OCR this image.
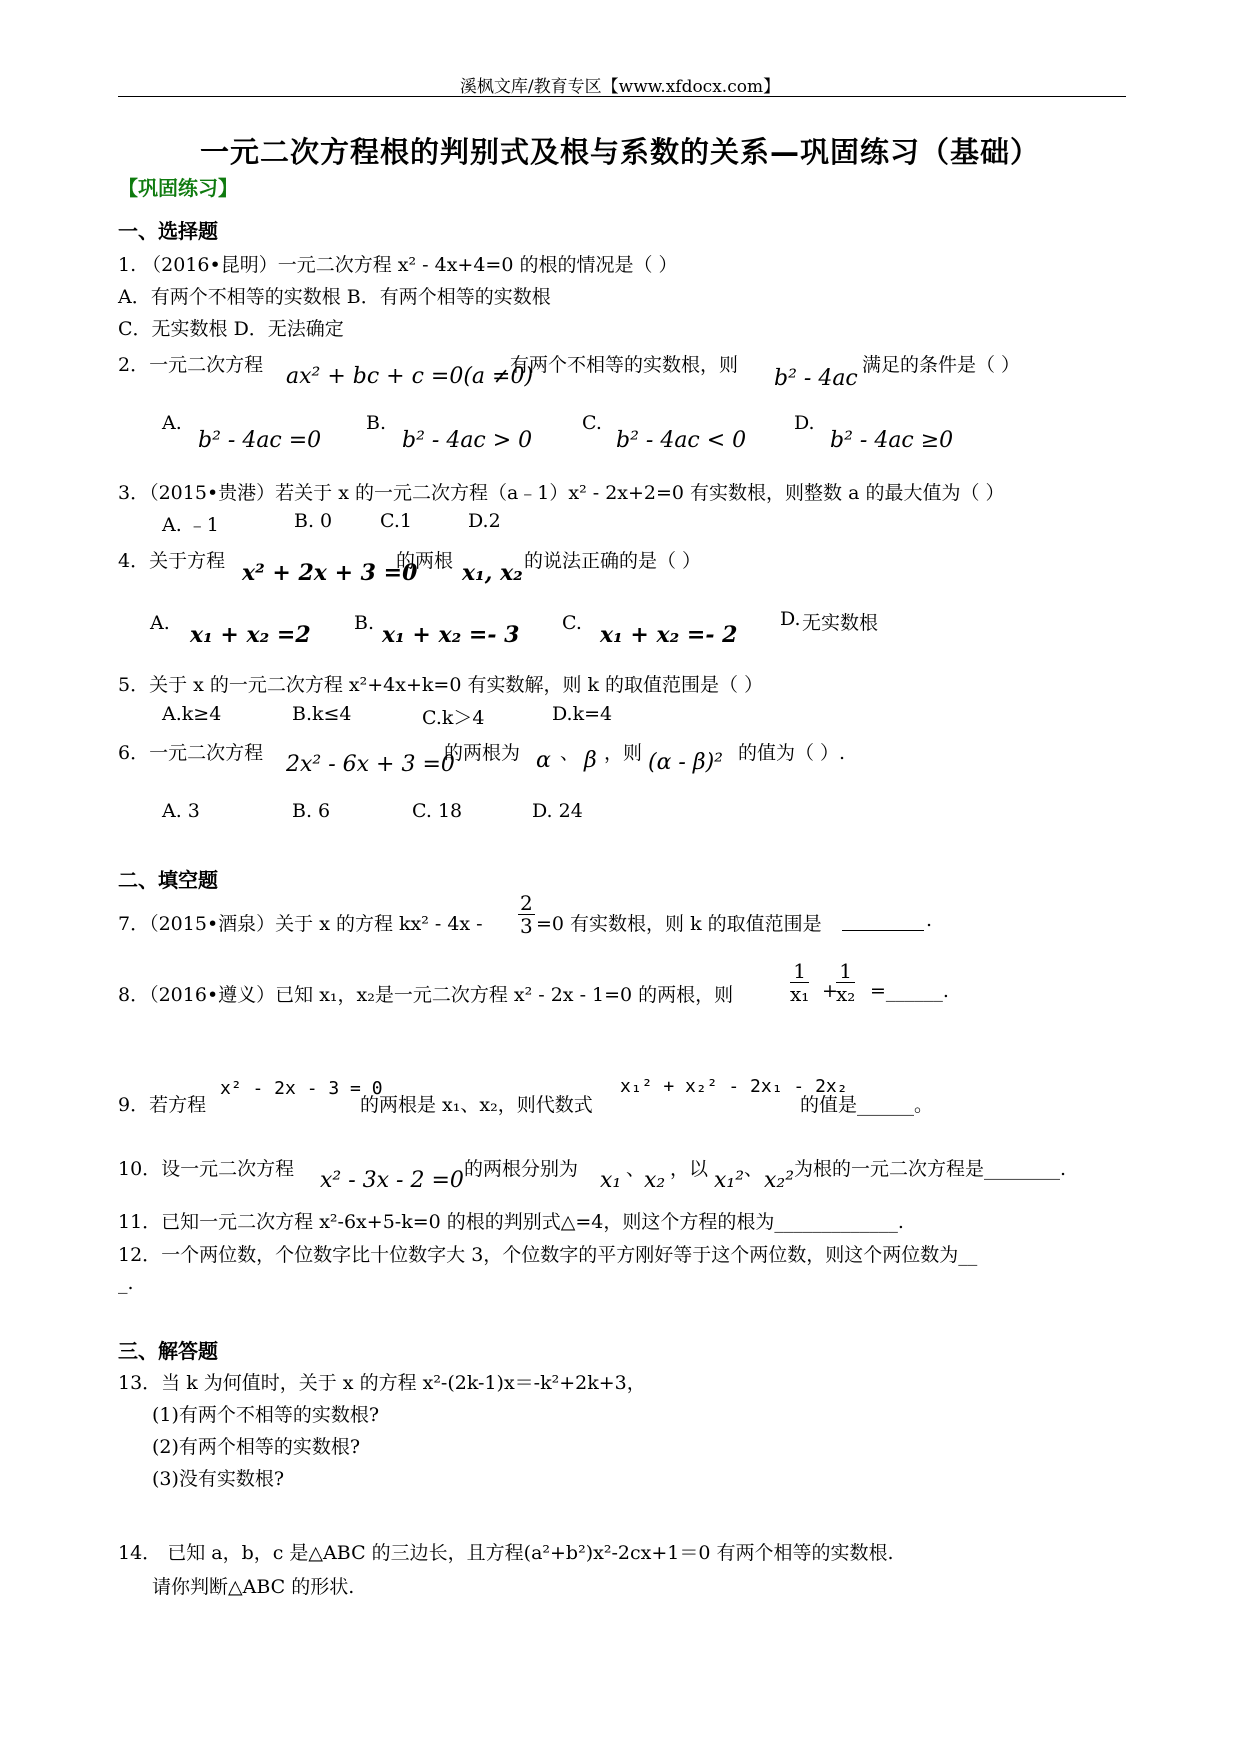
溪枫文库/教育专区【www.xfdocx.com】
一元二次方程根的判别式及根与系数的关系—巩固练习（基础）
【巩固练习】
一、选择题
1. （2016•昆明）一元二次方程 x² - 4x+4=0 的根的情况是（ ）
A．有两个不相等的实数根 B．有两个相等的实数根
C．无实数根 D．无法确定
2．一元二次方程 ax² + bc + c =0(a ≠0)
有两个不相等的实数根，则
b² - 4ac
满足的条件是（ ）
A.
b² - 4ac =0
B.
b² - 4ac > 0
C.
b² - 4ac < 0
D.
b² - 4ac ≥0
3．（2015•贵港）若关于 x 的一元二次方程（a﹣1）x² - 2x+2=0 有实数根，则整数 a 的最大值为（ ）
A. ﹣1	B. 0	C.1	D.2
4．关于方程 x² + 2x + 3 =0
的两根 x₁, x₂ 的说法正确的是（ ）
A. x₁ + x₂ =2 B. x₁ + x₂ =- 3 C. x₁ + x₂ =- 2
D. 无实数根
5．关于 x 的一元二次方程 x²+4x+k=0 有实数解，则 k 的取值范围是（ ）
A.k≥4	B.k≤4	C.k＞4	D.k=4
6．一元二次方程 2x² - 6x + 3 =0
的两根为 α 、 β ，则 (α - β)² 的值为（ ）.
A. 3	B. 6	C. 18	D. 24
二、填空题
7．（2015•酒泉）关于 x 的方程 $kx^2 - 4x - \frac{2}{3} =0$ 有实数根，则 k 的取值范围是	.
8．（2016•遵义）已知 x₁，x₂是一元二次方程 x² - 2x - 1=0 的两根，则	$\frac{1}{\text{x₁}}$ +
$\frac{1}{\text{x₂}}$ =______.
9．若方程
x² - 2x - 3 = 0
的两根是 x₁、x₂，则代数式
x₁² + x₂² - 2x₁ - 2x₂
的值是______。
10．设一元二次方程 x² - 3x - 2 =0 的两根分别为 x₁ 、
x₂ ，以 x₁² 、 x₂² 为根的一元二次方程是________.
11．已知一元二次方程 x²-6x+5-k=0 的根的判别式△=4，则这个方程的根为_____________.
12．一个两位数，个位数字比十位数字大 3，个位数字的平方刚好等于这个两位数，则这个两位数为__
_.
三、解答题
13．当 k 为何值时，关于 x 的方程 x²-(2k-1)x＝-k²+2k+3，
(1)有两个不相等的实数根?
(2)有两个相等的实数根?
(3)没有实数根?
14． 已知 a，b，c 是△ABC 的三边长，且方程(a²+b²)x²-2cx+1＝0 有两个相等的实数根.
请你判断△ABC 的形状.
